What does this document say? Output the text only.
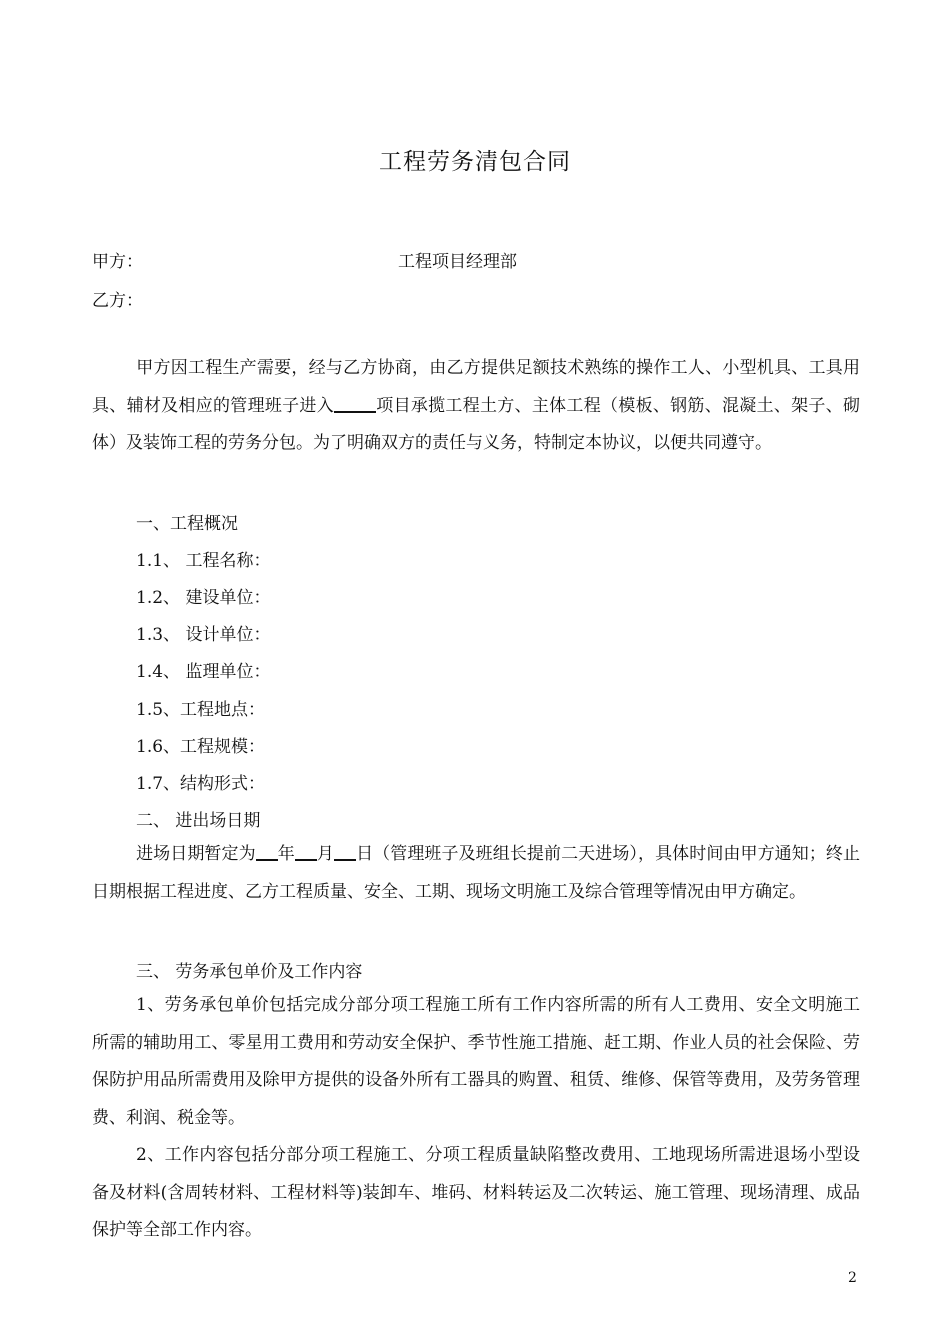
工程劳务清包合同
甲方：	工程项目经理部
乙方：
甲方因工程生产需要，经与乙方协商，由乙方提供足额技术熟练的操作工人、小型机具、工具用具、辅材及相应的管理班子进入 项目承揽工程土方、主体工程（模板、钢筋、混凝土、架子、砌体）及装饰工程的劳务分包。为了明确双方的责任与义务，特制定本协议，以便共同遵守。
一、工程概况
1.1、 工程名称：
1.2、 建设单位：
1.3、 设计单位：
1.4、 监理单位：
1.5、工程地点：
1.6、工程规模：
1.7、结构形式：
二、 进出场日期
进场日期暂定为 年 月 日（管理班子及班组长提前二天进场），具体时间由甲方通知；终止日期根据工程进度、乙方工程质量、安全、工期、现场文明施工及综合管理等情况由甲方确定。
三、 劳务承包单价及工作内容
1、劳务承包单价包括完成分部分项工程施工所有工作内容所需的所有人工费用、安全文明施工所需的辅助用工、零星用工费用和劳动安全保护、季节性施工措施、赶工期、作业人员的社会保险、劳保防护用品所需费用及除甲方提供的设备外所有工器具的购置、租赁、维修、保管等费用，及劳务管理费、利润、税金等。
2、工作内容包括分部分项工程施工、分项工程质量缺陷整改费用、工地现场所需进退场小型设备及材料(含周转材料、工程材料等)装卸车、堆码、材料转运及二次转运、施工管理、现场清理、成品保护等全部工作内容。
2
